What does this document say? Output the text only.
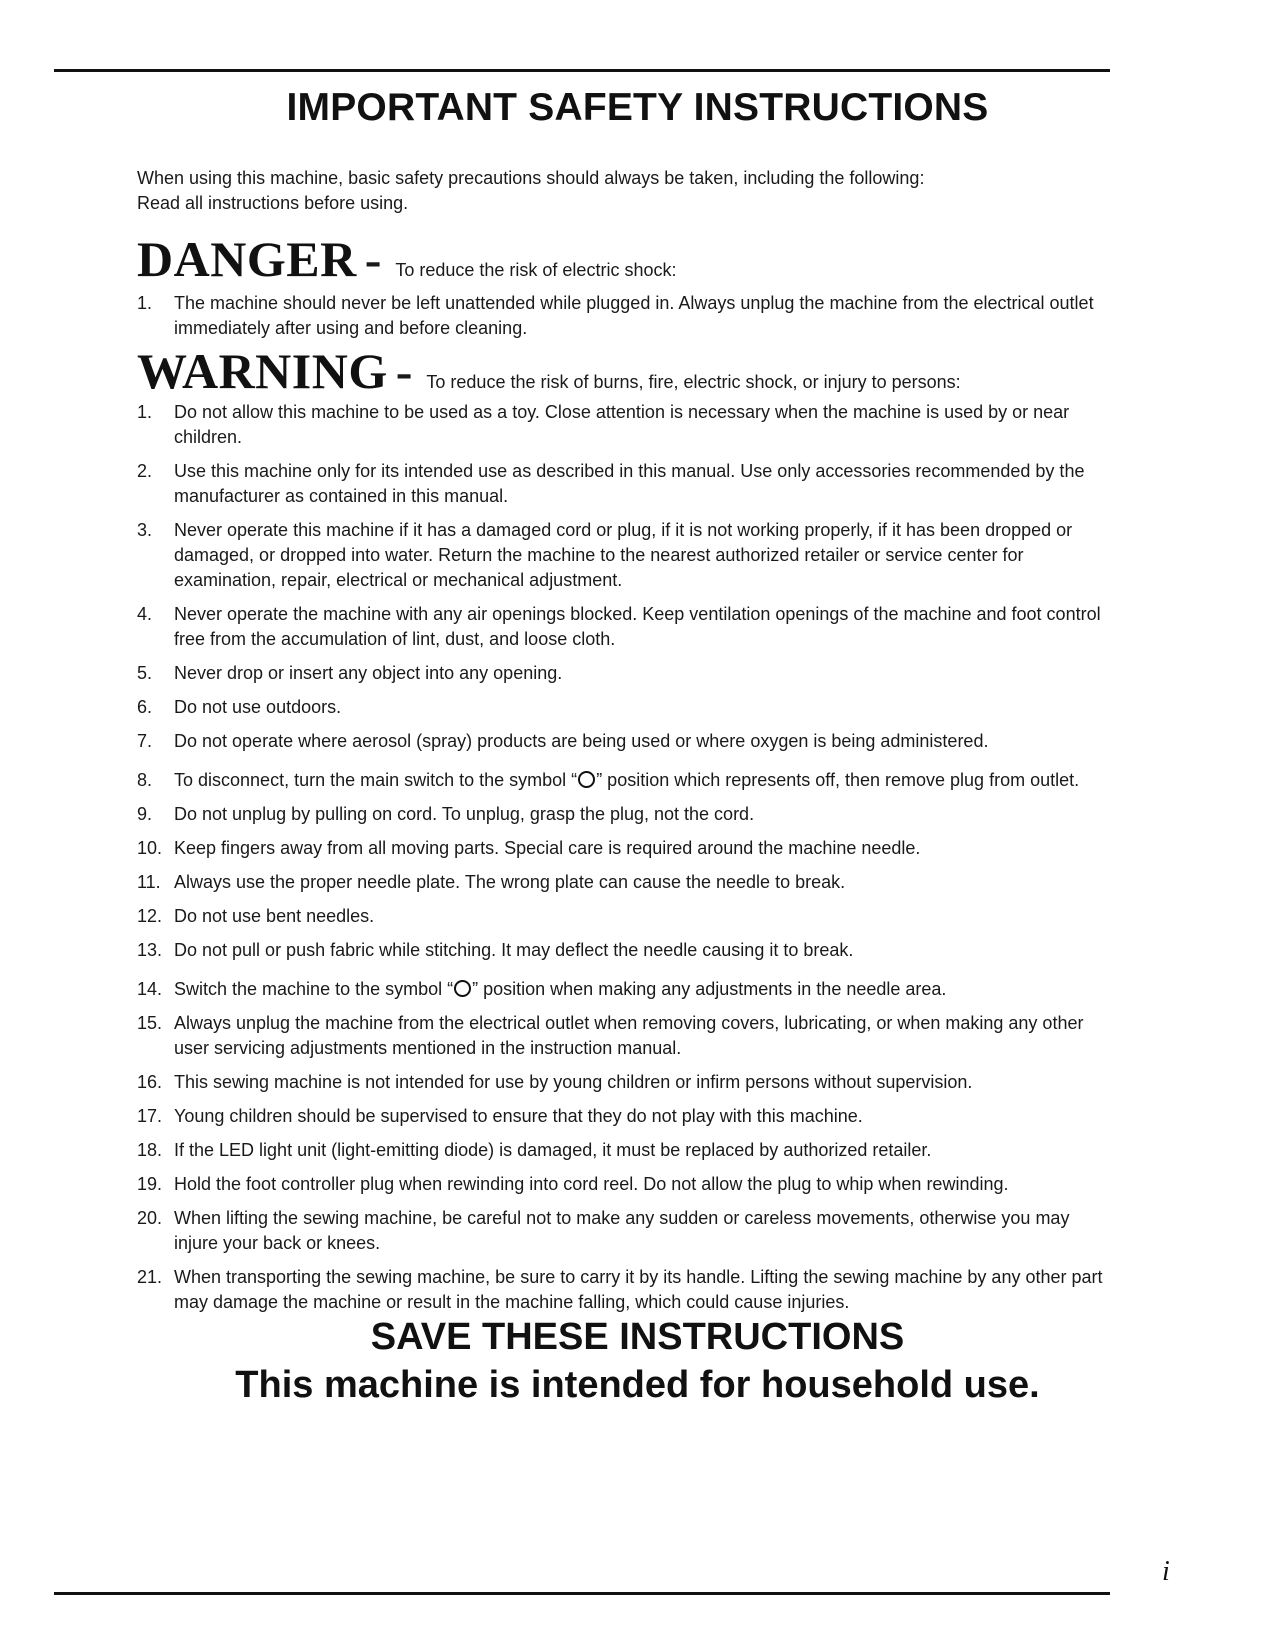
IMPORTANT SAFETY INSTRUCTIONS
When using this machine, basic safety precautions should always be taken, including the following:
Read all instructions before using.
DANGER - To reduce the risk of electric shock:
1. The machine should never be left unattended while plugged in. Always unplug the machine from the electrical outlet immediately after using and before cleaning.
WARNING - To reduce the risk of burns, fire, electric shock, or injury to persons:
1. Do not allow this machine to be used as a toy. Close attention is necessary when the machine is used by or near children.
2. Use this machine only for its intended use as described in this manual. Use only accessories recommended by the manufacturer as contained in this manual.
3. Never operate this machine if it has a damaged cord or plug, if it is not working properly, if it has been dropped or damaged, or dropped into water. Return the machine to the nearest authorized retailer or service center for examination, repair, electrical or mechanical adjustment.
4. Never operate the machine with any air openings blocked. Keep ventilation openings of the machine and foot control free from the accumulation of lint, dust, and loose cloth.
5. Never drop or insert any object into any opening.
6. Do not use outdoors.
7. Do not operate where aerosol (spray) products are being used or where oxygen is being administered.
8. To disconnect, turn the main switch to the symbol “ ” position which represents off, then remove plug from outlet.
9. Do not unplug by pulling on cord. To unplug, grasp the plug, not the cord.
10. Keep fingers away from all moving parts. Special care is required around the machine needle.
11. Always use the proper needle plate. The wrong plate can cause the needle to break.
12. Do not use bent needles.
13. Do not pull or push fabric while stitching. It may deflect the needle causing it to break.
14. Switch the machine to the symbol “ ” position when making any adjustments in the needle area.
15. Always unplug the machine from the electrical outlet when removing covers, lubricating, or when making any other user servicing adjustments mentioned in the instruction manual.
16. This sewing machine is not intended for use by young children or infirm persons without supervision.
17. Young children should be supervised to ensure that they do not play with this machine.
18. If the LED light unit (light-emitting diode) is damaged, it must be replaced by authorized retailer.
19. Hold the foot controller plug when rewinding into cord reel. Do not allow the plug to whip when rewinding.
20. When lifting the sewing machine, be careful not to make any sudden or careless movements, otherwise you may injure your back or knees.
21. When transporting the sewing machine, be sure to carry it by its handle. Lifting the sewing machine by any other part may damage the machine or result in the machine falling, which could cause injuries.
SAVE THESE INSTRUCTIONS
This machine is intended for household use.
i
